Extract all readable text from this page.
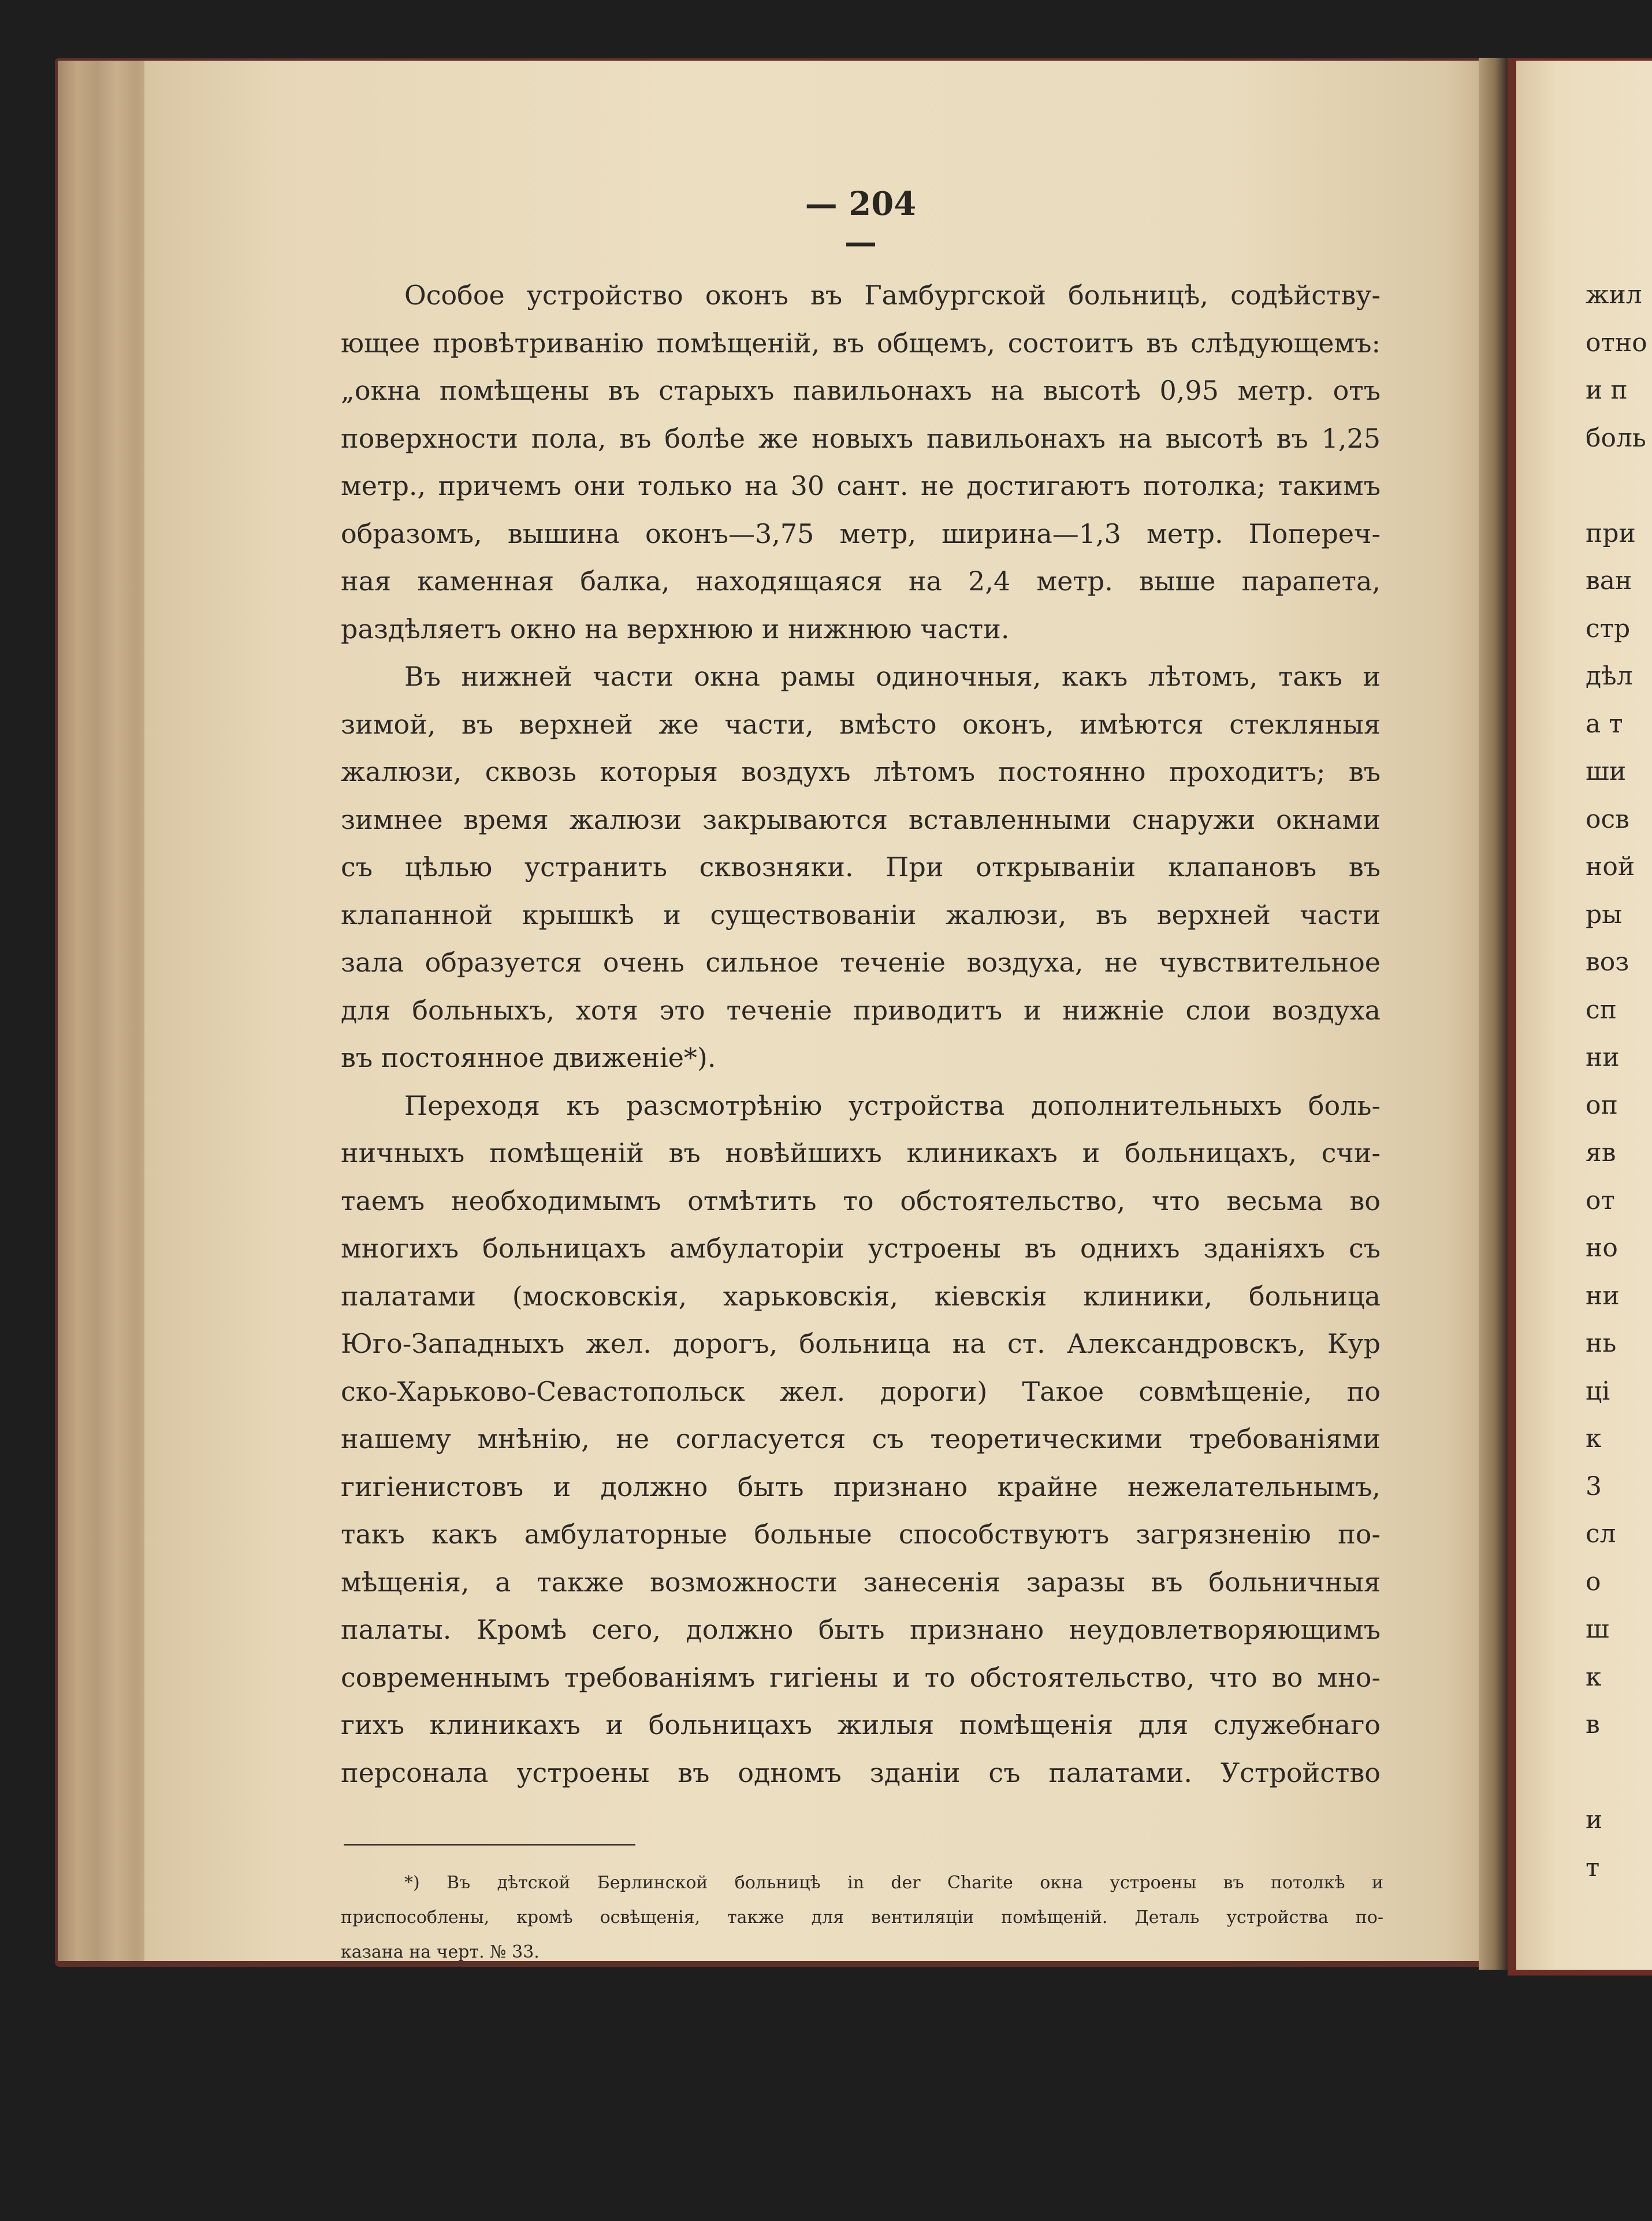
— 204 —
Особое устройство оконъ въ Гамбургской больницѣ, содѣйству-
ющее провѣтриванію помѣщеній, въ общемъ, состоитъ въ слѣдующемъ:
„окна помѣщены въ старыхъ павильонахъ на высотѣ 0,95 метр. отъ
поверхности пола, въ болѣе же новыхъ павильонахъ на высотѣ въ 1,25
метр., причемъ они только на 30 сант. не достигаютъ потолка; такимъ
образомъ, вышина оконъ—3,75 метр, ширина—1,3 метр. Попереч-
ная каменная балка, находящаяся на 2,4 метр. выше парапета,
раздѣляетъ окно на верхнюю и нижнюю части.
Въ нижней части окна рамы одиночныя, какъ лѣтомъ, такъ и
зимой, въ верхней же части, вмѣсто оконъ, имѣются стекляныя
жалюзи, сквозь которыя воздухъ лѣтомъ постоянно проходитъ; въ
зимнее время жалюзи закрываются вставленными снаружи окнами
съ цѣлью устранить сквозняки. При открываніи клапановъ въ
клапанной крышкѣ и существованіи жалюзи, въ верхней части
зала образуется очень сильное теченіе воздуха, не чувствительное
для больныхъ, хотя это теченіе приводитъ и нижніе слои воздуха
въ постоянное движеніе*).
Переходя къ разсмотрѣнію устройства дополнительныхъ боль-
ничныхъ помѣщеній въ новѣйшихъ клиникахъ и больницахъ, счи-
таемъ необходимымъ отмѣтить то обстоятельство, что весьма во
многихъ больницахъ амбулаторіи устроены въ однихъ зданіяхъ съ
палатами (московскія, харьковскія, кіевскія клиники, больница
Юго-Западныхъ жел. дорогъ, больница на ст. Александровскъ, Кур
ско-Харьково-Севастопольск жел. дороги) Такое совмѣщеніе, по
нашему мнѣнію, не согласуется съ теоретическими требованіями
гигіенистовъ и должно быть признано крайне нежелательнымъ,
такъ какъ амбулаторные больные способствуютъ загрязненію по-
мѣщенія, а также возможности занесенія заразы въ больничныя
палаты. Кромѣ сего, должно быть признано неудовлетворяющимъ
современнымъ требованіямъ гигіены и то обстоятельство, что во мно-
гихъ клиникахъ и больницахъ жилыя помѣщенія для служебнаго
персонала устроены въ одномъ зданіи съ палатами. Устройство
*) Въ дѣтской Берлинской больницѣ in der Charite окна устроены въ потолкѣ и
приспособлены, кромѣ освѣщенія, также для вентиляціи помѣщеній. Деталь устройства по-
казана на черт. № 33.
жил
отно
и п
боль

при
ван
стр
дѣл
а т
ши
осв
ной
ры
воз
сп
ни
оп
яв
от
но
ни
нь
ці
к
3
сл
о
ш
к
в

и
т
